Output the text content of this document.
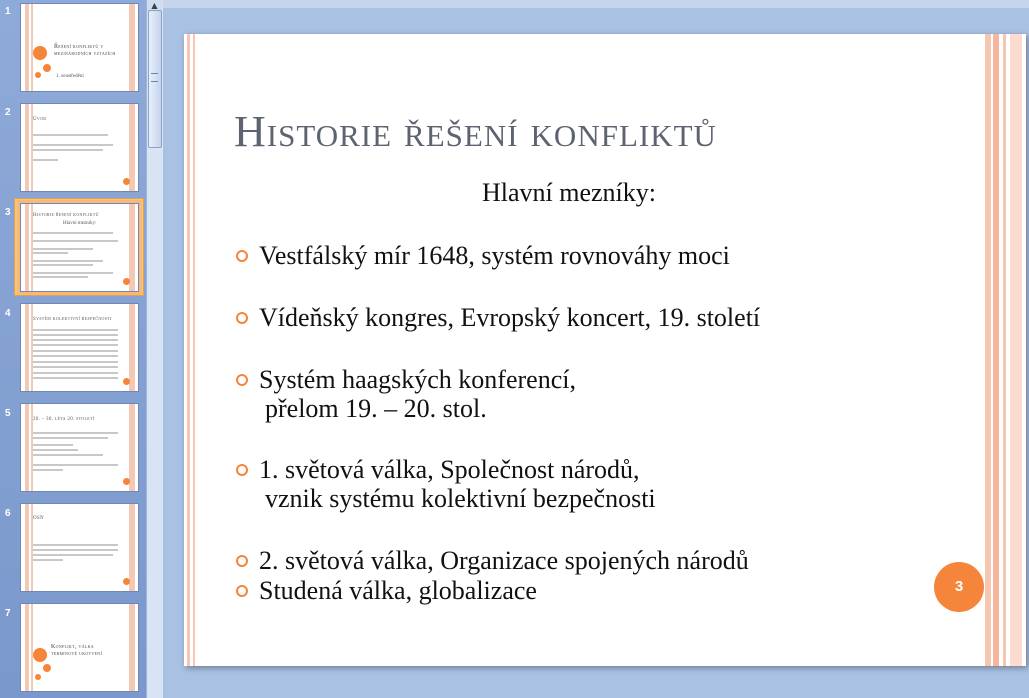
1
Řešení konfliktů v mezinárodních vztazích
1. soustředění
2
Úvod
3	Historie řešení konfliktů
Hlavní mezníky:
4
Systém kolektivní bezpečnosti
5
20. – 30. léta 20. století
6	OSN
7
Konflikt, válka terminové ukotvení
▲
Historie řešení konfliktů
Hlavní mezníky:
Vestfálský mír 1648, systém rovnováhy moci
Vídeňský kongres, Evropský koncert, 19. století
Systém haagských konferencí,
přelom 19. – 20. stol.
1. světová válka, Společnost národů,
vznik systému kolektivní bezpečnosti
2. světová válka, Organizace spojených národů
Studená válka, globalizace	3
